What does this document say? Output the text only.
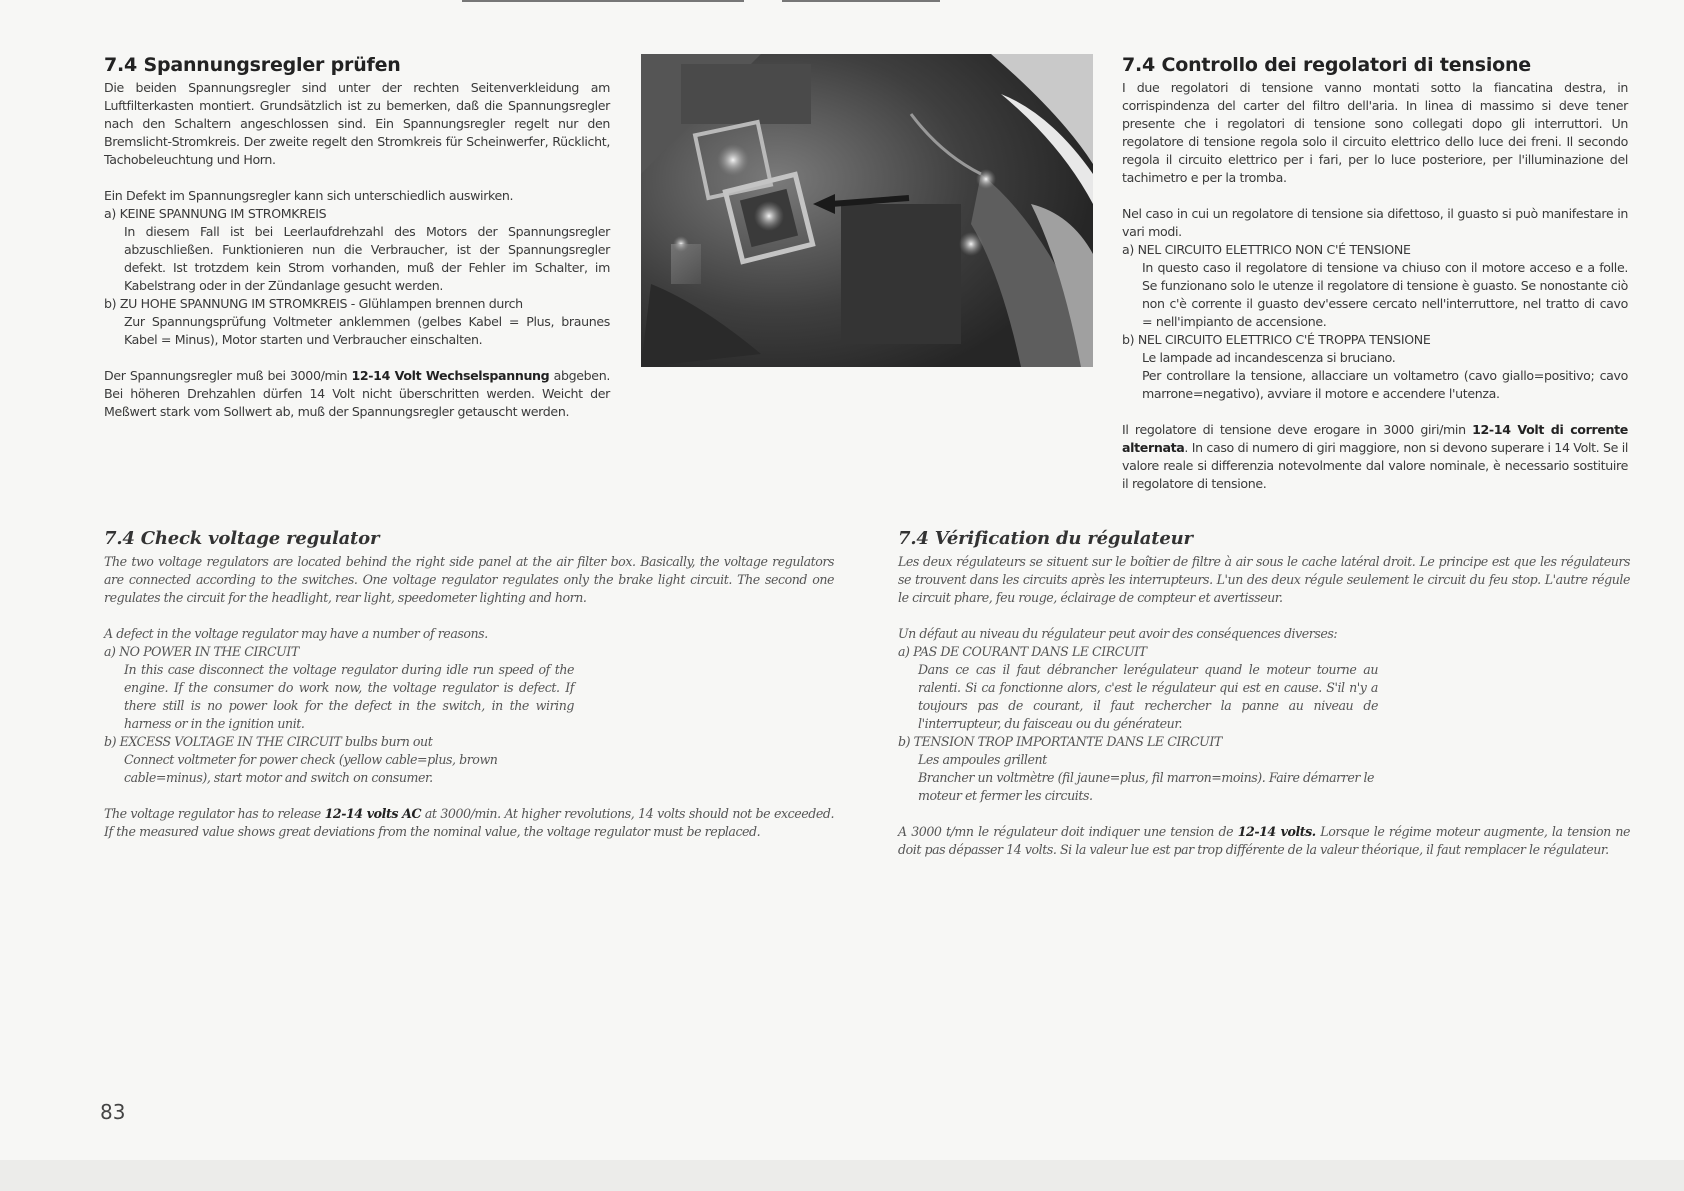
7.4 Spannungsregler prüfen

Die beiden Spannungsregler sind unter der rechten Seitenverkleidung am Luftfilterkasten montiert. Grundsätzlich ist zu bemerken, daß die Spannungsregler nach den Schaltern angeschlossen sind. Ein Spannungsregler regelt nur den Bremslicht-Stromkreis. Der zweite regelt den Stromkreis für Scheinwerfer, Rücklicht, Tachobeleuchtung und Horn.

Ein Defekt im Spannungsregler kann sich unterschiedlich auswirken.

a) KEINE SPANNUNG IM STROMKREIS

In diesem Fall ist bei Leerlaufdrehzahl des Motors der Spannungsregler abzuschließen. Funktionieren nun die Verbraucher, ist der Spannungsregler defekt. Ist trotzdem kein Strom vorhanden, muß der Fehler im Schalter, im Kabelstrang oder in der Zündanlage gesucht werden.

b) ZU HOHE SPANNUNG IM STROMKREIS - Glühlampen brennen durch

Zur Spannungsprüfung Voltmeter anklemmen (gelbes Kabel = Plus, braunes Kabel = Minus), Motor starten und Verbraucher einschalten.

Der Spannungsregler muß bei 3000/min 12-14 Volt Wechselspannung abgeben. Bei höheren Drehzahlen dürfen 14 Volt nicht überschritten werden. Weicht der Meßwert stark vom Sollwert ab, muß der Spannungsregler getauscht werden.

7.4 Controllo dei regolatori di tensione

I due regolatori di tensione vanno montati sotto la fiancatina destra, in corrispindenza del carter del filtro dell'aria. In linea di massimo si deve tener presente che i regolatori di tensione sono collegati dopo gli interruttori. Un regolatore di tensione regola solo il circuito elettrico dello luce dei freni. Il secondo regola il circuito elettrico per i fari, per lo luce posteriore, per l'illuminazione del tachimetro e per la tromba.

Nel caso in cui un regolatore di tensione sia difettoso, il guasto si può manifestare in vari modi.

a) NEL CIRCUITO ELETTRICO NON C'É TENSIONE

In questo caso il regolatore di tensione va chiuso con il motore acceso e a folle. Se funzionano solo le utenze il regolatore di tensione è guasto. Se nonostante ciò non c'è corrente il guasto dev'essere cercato nell'interruttore, nel tratto di cavo = nell'impianto de accensione.

b) NEL CIRCUITO ELETTRICO C'É TROPPA TENSIONE

Le lampade ad incandescenza si bruciano.

Per controllare la tensione, allacciare un voltametro (cavo giallo=positivo; cavo marrone=negativo), avviare il motore e accendere l'utenza.

Il regolatore di tensione deve erogare in 3000 giri/min 12-14 Volt di corrente alternata. In caso di numero di giri maggiore, non si devono superare i 14 Volt. Se il valore reale si differenzia notevolmente dal valore nominale, è necessario sostituire il regolatore di tensione.

7.4 Check voltage regulator

The two voltage regulators are located behind the right side panel at the air filter box. Basically, the voltage regulators are connected according to the switches. One voltage regulator regulates only the brake light circuit. The second one regulates the circuit for the headlight, rear light, speedometer lighting and horn.

A defect in the voltage regulator may have a number of reasons.

a) NO POWER IN THE CIRCUIT

In this case disconnect the voltage regulator during idle run speed of the engine. If the consumer do work now, the voltage regulator is defect. If there still is no power look for the defect in the switch, in the wiring harness or in the ignition unit.

b) EXCESS VOLTAGE IN THE CIRCUIT bulbs burn out

Connect voltmeter for power check (yellow cable=plus, brown cable=minus), start motor and switch on consumer.

The voltage regulator has to release 12-14 volts AC at 3000/min. At higher revolutions, 14 volts should not be exceeded. If the measured value shows great deviations from the nominal value, the voltage regulator must be replaced.

7.4 Vérification du régulateur

Les deux régulateurs se situent sur le boîtier de filtre à air sous le cache latéral droit. Le principe est que les régulateurs se trouvent dans les circuits après les interrupteurs. L'un des deux régule seulement le circuit du feu stop. L'autre régule le circuit phare, feu rouge, éclairage de compteur et avertisseur.

Un défaut au niveau du régulateur peut avoir des conséquences diverses:

a) PAS DE COURANT DANS LE CIRCUIT

Dans ce cas il faut débrancher lerégulateur quand le moteur tourne au ralenti. Si ca fonctionne alors, c'est le régulateur qui est en cause. S'il n'y a toujours pas de courant, il faut rechercher la panne au niveau de l'interrupteur, du faisceau ou du générateur.

b) TENSION TROP IMPORTANTE DANS LE CIRCUIT

Les ampoules grillent

Brancher un voltmètre (fil jaune=plus, fil marron=moins). Faire démarrer le moteur et fermer les circuits.

A 3000 t/mn le régulateur doit indiquer une tension de 12-14 volts. Lorsque le régime moteur augmente, la tension ne doit pas dépasser 14 volts. Si la valeur lue est par trop différente de la valeur théorique, il faut remplacer le régulateur.

83
